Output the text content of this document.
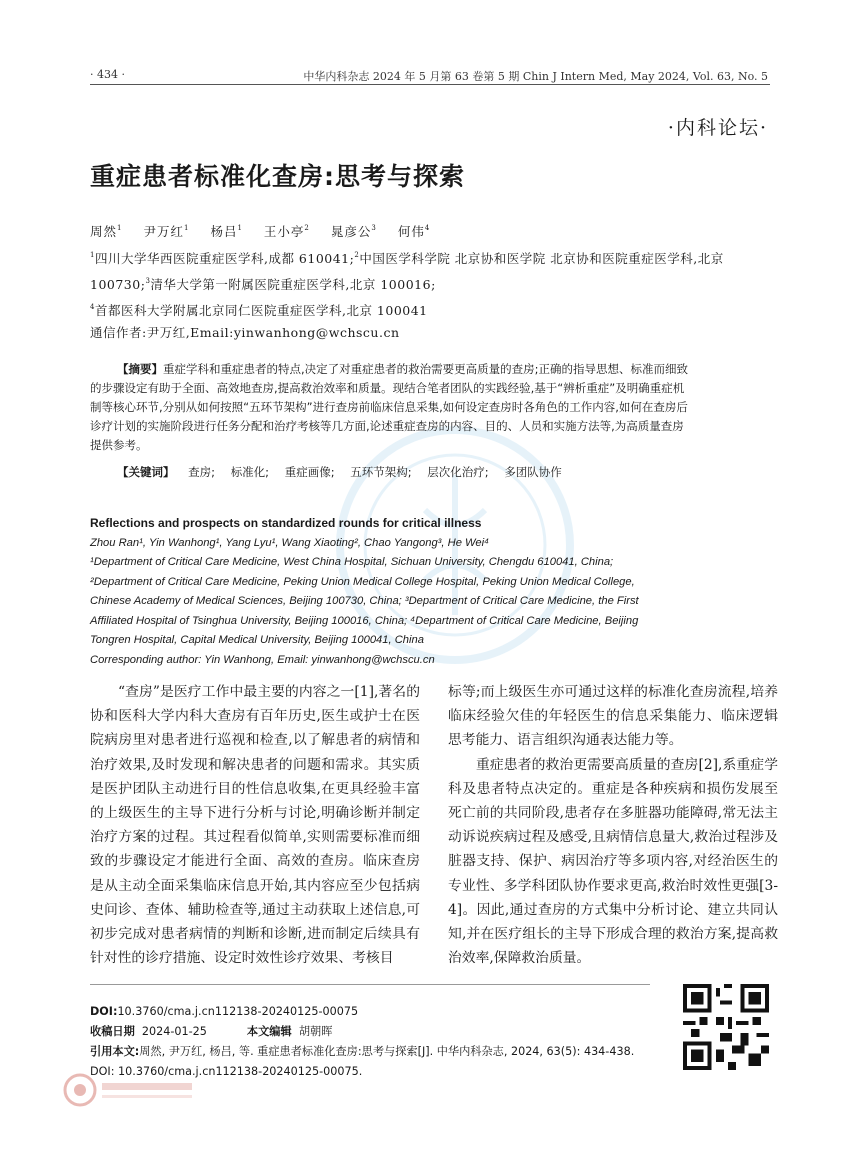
· 434 ·	中华内科杂志 2024 年 5 月第 63 卷第 5 期 Chin J Intern Med, May 2024, Vol. 63, No. 5
·内科论坛·
重症患者标准化查房:思考与探索
周然$^1$ 尹万红$^1$ 杨吕$^1$ 王小亭$^2$ 晁彦公$^3$ 何伟$^4$

$^1$四川大学华西医院重症医学科,成都 610041;$^2$中国医学科学院 北京协和医学院 北京协和医院重症医学科,北京 100730;$^3$清华大学第一附属医院重症医学科,北京 100016;

$^4$首都医科大学附属北京同仁医院重症医学科,北京 100041

通信作者:尹万红,Email:yinwanhong@wchscu.cn

【摘要】重症学科和重症患者的特点,决定了对重症患者的救治需要更高质量的查房;正确的指导思想、标准而细致的步骤设定有助于全面、高效地查房,提高救治效率和质量。现结合笔者团队的实践经验,基于“辨析重症”及明确重症机制等核心环节,分别从如何按照“五环节架构”进行查房前临床信息采集,如何设定查房时各角色的工作内容,如何在查房后诊疗计划的实施阶段进行任务分配和治疗考核等几方面,论述重症查房的内容、目的、人员和实施方法等,为高质量查房提供参考。

【关键词】 查房; 标准化; 重症画像; 五环节架构; 层次化治疗; 多团队协作
Reflections and prospects on standardized rounds for critical illness

Zhou Ran¹, Yin Wanhong¹, Yang Lyu¹, Wang Xiaoting², Chao Yangong³, He Wei⁴

¹Department of Critical Care Medicine, West China Hospital, Sichuan University, Chengdu 610041, China; ²Department of Critical Care Medicine, Peking Union Medical College Hospital, Peking Union Medical College, Chinese Academy of Medical Sciences, Beijing 100730, China; ³Department of Critical Care Medicine, the First Affiliated Hospital of Tsinghua University, Beijing 100016, China; ⁴Department of Critical Care Medicine, Beijing Tongren Hospital, Capital Medical University, Beijing 100041, China

Corresponding author: Yin Wanhong, Email: yinwanhong@wchscu.cn

“查房”是医疗工作中最主要的内容之一[1],著名的协和医科大学内科大查房有百年历史,医生或护士在医院病房里对患者进行巡视和检查,以了解患者的病情和治疗效果,及时发现和解决患者的问题和需求。其实质是医护团队主动进行目的性信息收集,在更具经验丰富的上级医生的主导下进行分析与讨论,明确诊断并制定治疗方案的过程。其过程看似简单,实则需要标准而细致的步骤设定才能进行全面、高效的查房。临床查房是从主动全面采集临床信息开始,其内容应至少包括病史问诊、查体、辅助检查等,通过主动获取上述信息,可初步完成对患者病情的判断和诊断,进而制定后续具有针对性的诊疗措施、设定时效性诊疗效果、考核目

标等;而上级医生亦可通过这样的标准化查房流程,培养临床经验欠佳的年轻医生的信息采集能力、临床逻辑思考能力、语言组织沟通表达能力等。

重症患者的救治更需要高质量的查房[2],系重症学科及患者特点决定的。重症是各种疾病和损伤发展至死亡前的共同阶段,患者存在多脏器功能障碍,常无法主动诉说疾病过程及感受,且病情信息量大,救治过程涉及脏器支持、保护、病因治疗等多项内容,对经治医生的专业性、多学科团队协作要求更高,救治时效性更强[3-4]。因此,通过查房的方式集中分析讨论、建立共同认知,并在医疗组长的主导下形成合理的救治方案,提高救治效率,保障救治质量。

DOI:10.3760/cma.j.cn112138-20240125-00075

收稿日期 2024-01-25	本文编辑 胡朝晖

引用本文:周然, 尹万红, 杨吕, 等. 重症患者标准化查房:思考与探索[J]. 中华内科杂志, 2024, 63(5): 434-438. DOI: 10.3760/cma.j.cn112138-20240125-00075.
